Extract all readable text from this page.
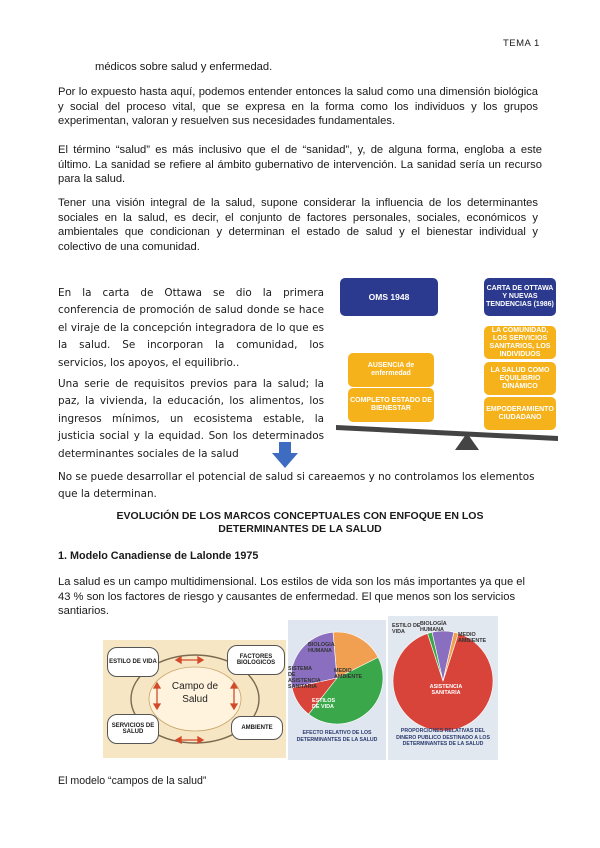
TEMA 1
médicos sobre salud y enfermedad.
Por lo expuesto hasta aquí, podemos entender entonces la salud como una dimensión biológica y social del proceso vital, que se expresa en la forma como los individuos y los grupos experimentan, valoran y resuelven sus necesidades fundamentales.
El término “salud” es más inclusivo que el de “sanidad”, y, de alguna forma, engloba a este último. La sanidad se refiere al ámbito gubernativo de intervención. La sanidad sería un recurso para la salud.
Tener una visión integral de la salud, supone considerar la influencia de los determinantes sociales en la salud, es decir, el conjunto de factores personales, sociales, económicos y ambientales que condicionan y determinan el estado de salud y el bienestar individual y colectivo de una comunidad.
En la carta de Ottawa se dio la primera conferencia de promoción de salud donde se hace el viraje de la concepción integradora de lo que es la salud. Se incorporan la comunidad, los servicios, los apoyos, el equilibrio..
Una serie de requisitos previos para la salud; la paz, la vivienda, la educación, los alimentos, los ingresos mínimos, un ecosistema estable, la justicia social y la equidad. Son los determinados determinantes sociales de la salud
No se puede desarrollar el potencial de salud si careaemos y no controlamos los elementos que la determinan.
OMS 1948
CARTA DE OTTAWA Y NUEVAS TENDENCIAS (1986)
AUSENCIA de enfermedad
COMPLETO ESTADO DE BIENESTAR
LA COMUNIDAD, LOS SERVICIOS SANITARIOS, LOS INDIVIDUOS
LA SALUD COMO EQUILIBRIO DINÁMICO
EMPODERAMIENTO CIUDADANO
EVOLUCIÓN DE LOS MARCOS CONCEPTUALES CON ENFOQUE EN LOS DETERMINANTES DE LA SALUD
1. Modelo Canadiense de Lalonde 1975
La salud es un campo multidimensional. Los estilos de vida son los más importantes ya que el 43 % son los factores de riesgo y causantes de enfermedad. El que menos son los servicios santiarios.
Campo de Salud
ESTILO DE VIDA
FACTORES BIOLOGICOS
SERVICIOS DE SALUD
AMBIENTE
MEDIO AMBIENTE
ESTILOS DE VIDA
SISTEMA DE ASISTENCIA SANITARIA
BIOLOGIA HUMANA
EFECTO RELATIVO DE LOS DETERMINANTES DE LA SALUD
ASISTENCIA SANITARIA
ESTILO DE VIDA
BIOLOGÍA HUMANA
MEDIO AMBIENTE
PROPORCIONES RELATIVAS DEL DINERO PUBLICO DESTINADO A LOS DETERMINANTES DE LA SALUD
El modelo “campos de la salud”
